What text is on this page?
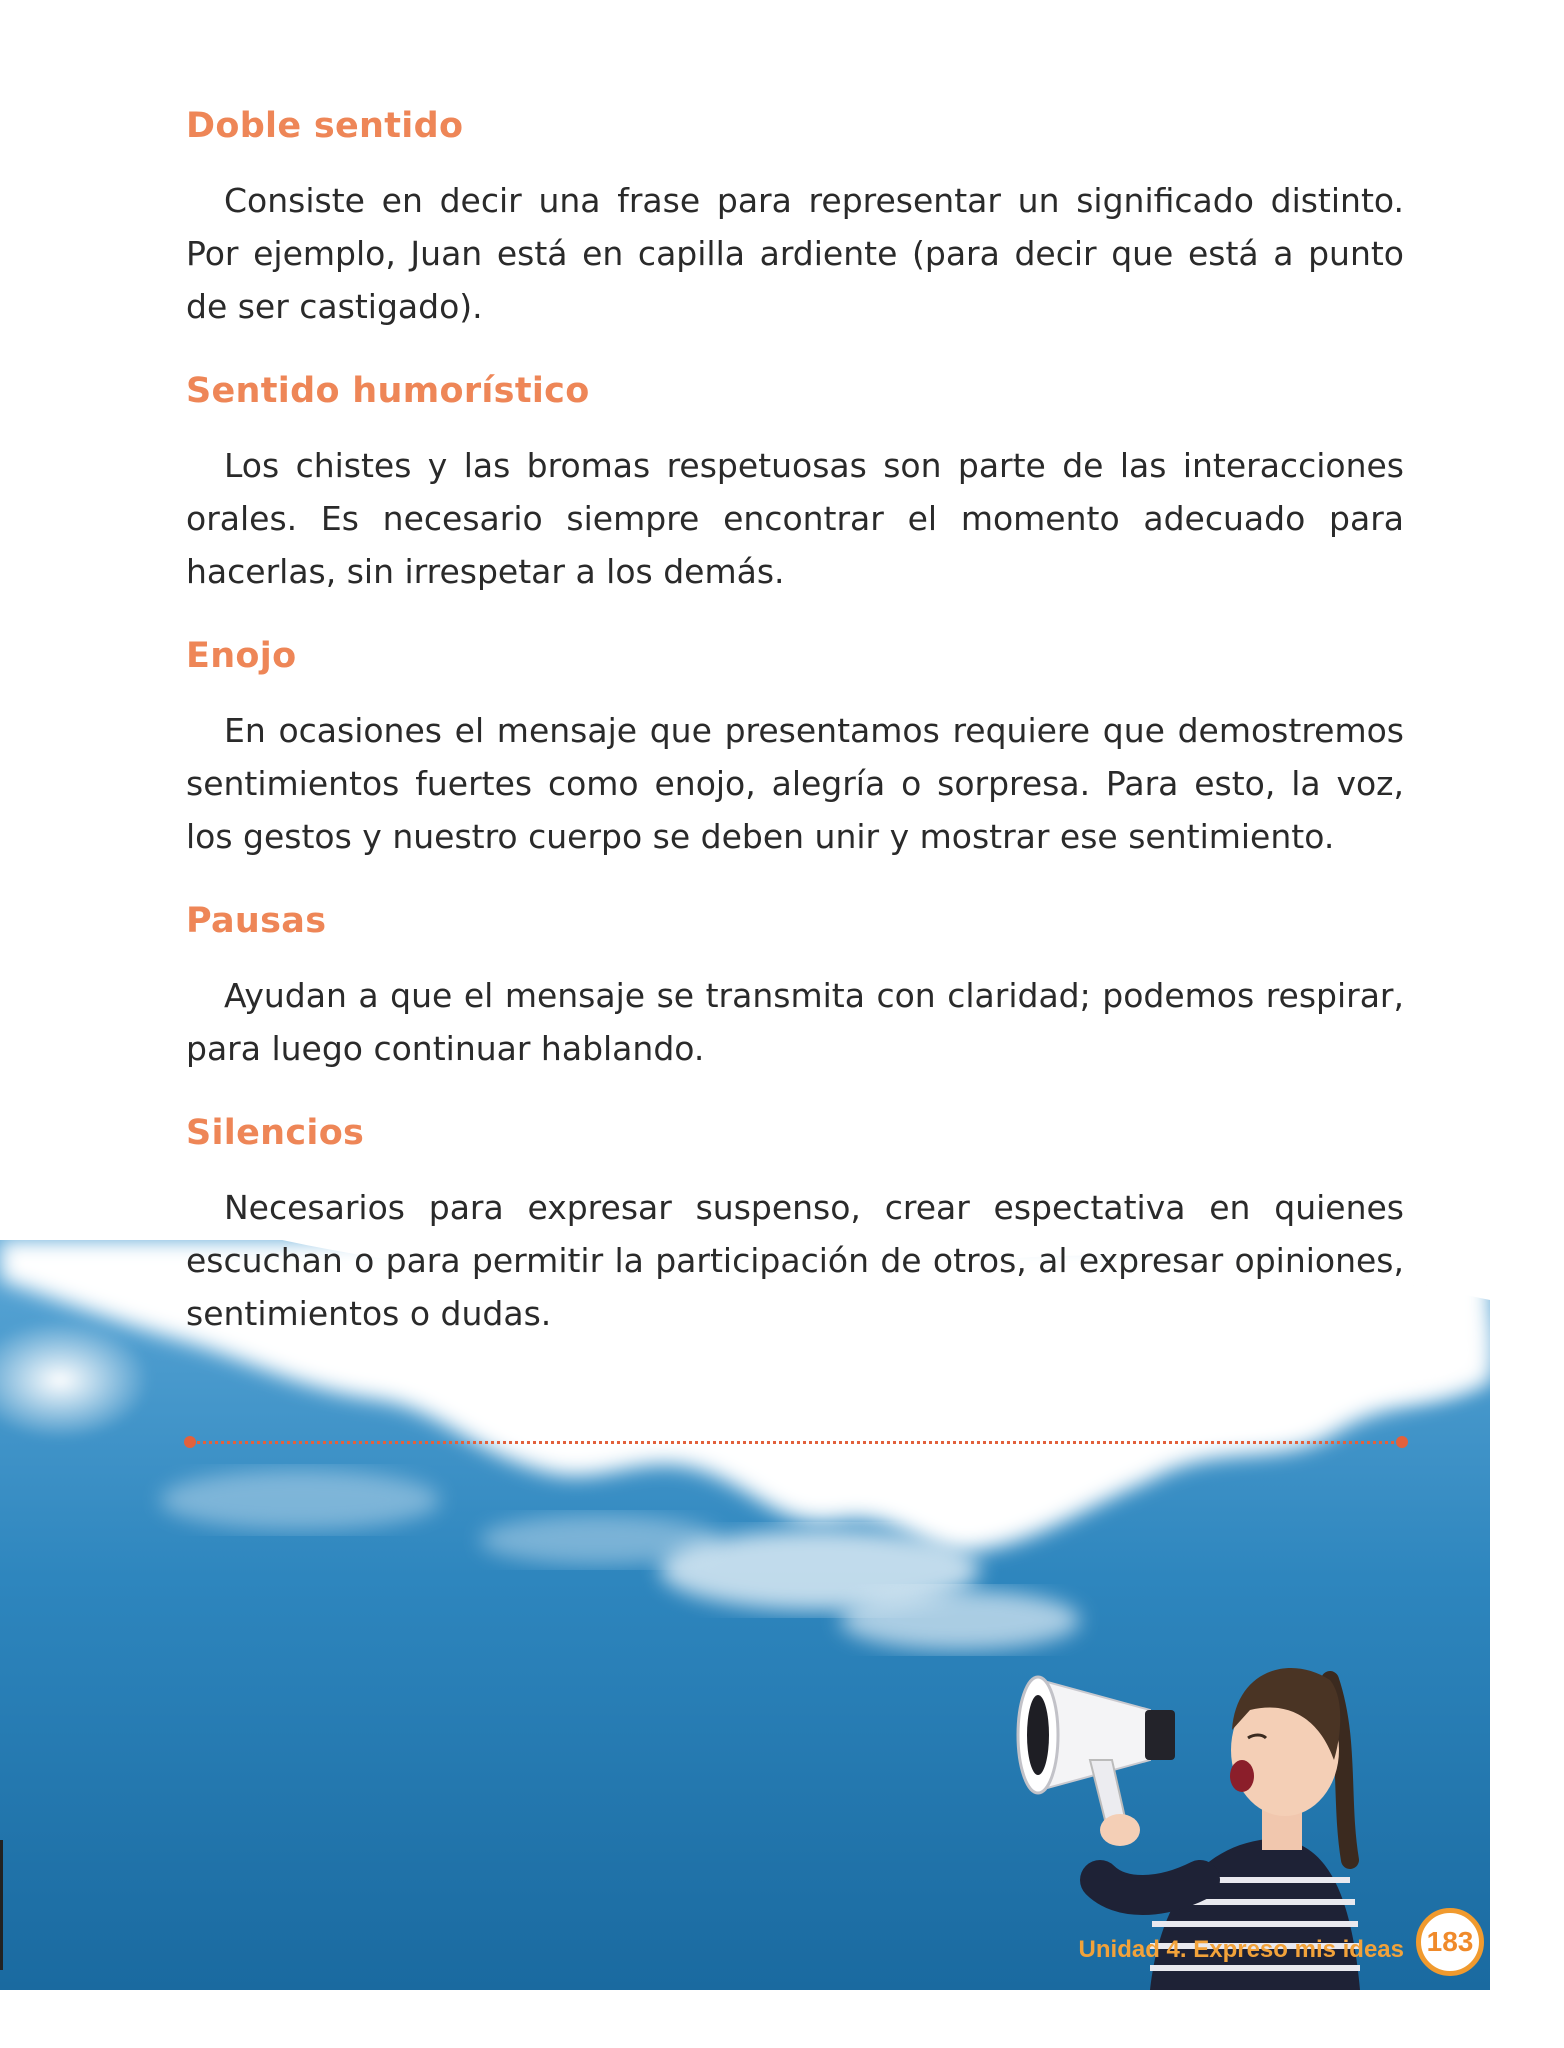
Doble sentido

Consiste en decir una frase para representar un significado distinto. Por ejemplo, Juan está en capilla ardiente (para decir que está a punto de ser castigado).

Sentido humorístico

Los chistes y las bromas respetuosas son parte de las interacciones orales. Es necesario siempre encontrar el momento adecuado para hacerlas, sin irrespetar a los demás.

Enojo

En ocasiones el mensaje que presentamos requiere que demostremos sentimientos fuertes como enojo, alegría o sorpresa. Para esto, la voz, los gestos y nuestro cuerpo se deben unir y mostrar ese sentimiento.

Pausas

Ayudan a que el mensaje se transmita con claridad; podemos respirar, para luego continuar hablando.

Silencios

Necesarios para expresar suspenso, crear espectativa en quienes escuchan o para permitir la participación de otros, al expresar opiniones, sentimientos o dudas.

Unidad 4. Expreso mis ideas 183
